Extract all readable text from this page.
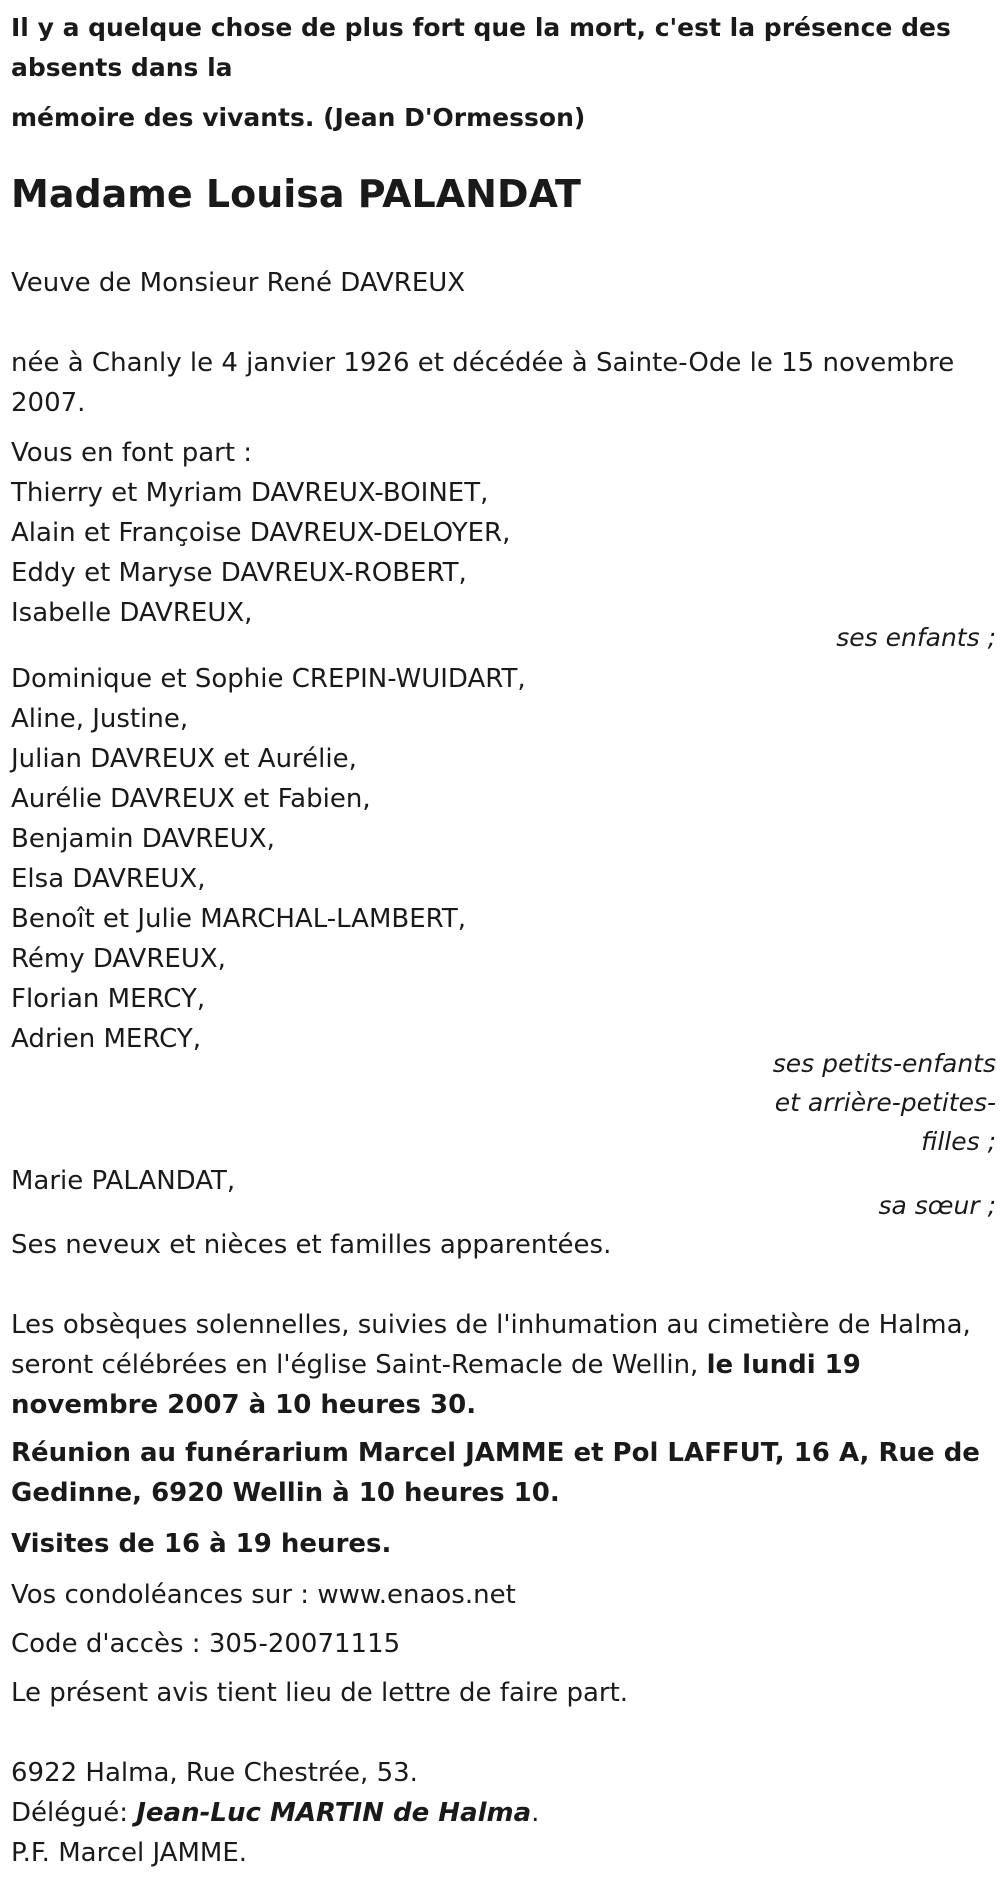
Il y a quelque chose de plus fort que la mort, c'est la présence des absents dans la
mémoire des vivants. (Jean D'Ormesson)
Madame Louisa PALANDAT
Veuve de Monsieur René DAVREUX
née à Chanly le 4 janvier 1926 et décédée à Sainte-Ode le 15 novembre 2007.
Vous en font part :
Thierry et Myriam DAVREUX-BOINET,
Alain et Françoise DAVREUX-DELOYER,
Eddy et Maryse DAVREUX-ROBERT,
Isabelle DAVREUX,
ses enfants ;
Dominique et Sophie CREPIN-WUIDART,
Aline, Justine,
Julian DAVREUX et Aurélie,
Aurélie DAVREUX et Fabien,
Benjamin DAVREUX,
Elsa DAVREUX,
Benoît et Julie MARCHAL-LAMBERT,
Rémy DAVREUX,
Florian MERCY,
Adrien MERCY,
ses petits-enfants
et arrière-petites-
filles ;
Marie PALANDAT,
sa sœur ;
Ses neveux et nièces et familles apparentées.
Les obsèques solennelles, suivies de l'inhumation au cimetière de Halma, seront célébrées en l'église Saint-Remacle de Wellin, le lundi 19 novembre 2007 à 10 heures 30.
Réunion au funérarium Marcel JAMME et Pol LAFFUT, 16 A, Rue de Gedinne, 6920 Wellin à 10 heures 10.
Visites de 16 à 19 heures.
Vos condoléances sur : www.enaos.net
Code d'accès : 305-20071115
Le présent avis tient lieu de lettre de faire part.
6922 Halma, Rue Chestrée, 53.
Délégué: Jean-Luc MARTIN de Halma.
P.F. Marcel JAMME.
